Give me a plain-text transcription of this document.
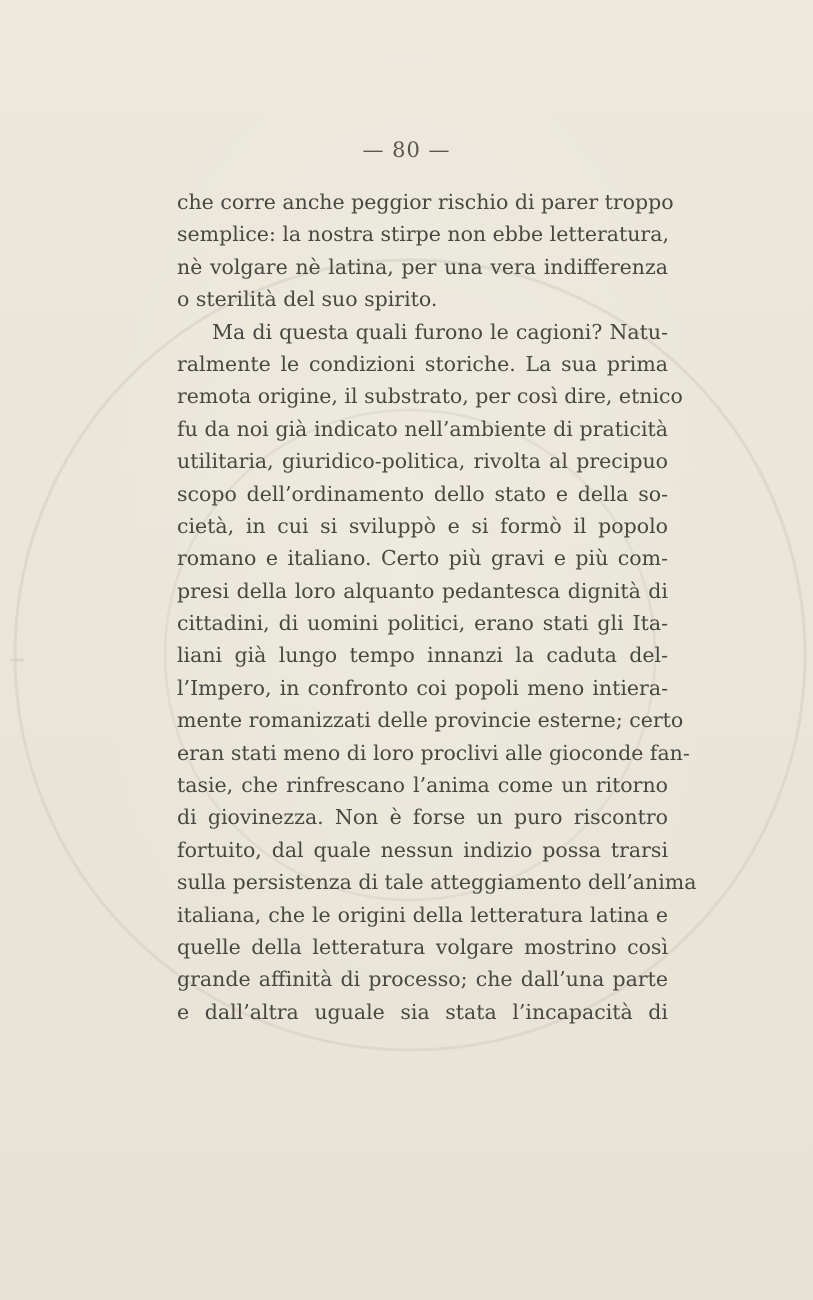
— 80 —
che corre anche peggior rischio di parer troppo
semplice: la nostra stirpe non ebbe letteratura,
nè volgare nè latina, per una vera indifferenza
o sterilità del suo spirito.
Ma di questa quali furono le cagioni? Natu-
ralmente le condizioni storiche. La sua prima
remota origine, il substrato, per così dire, etnico
fu da noi già indicato nell’ambiente di praticità
utilitaria, giuridico-politica, rivolta al precipuo
scopo dell’ordinamento dello stato e della so-
cietà, in cui si sviluppò e si formò il popolo
romano e italiano. Certo più gravi e più com-
presi della loro alquanto pedantesca dignità di
cittadini, di uomini politici, erano stati gli Ita-
liani già lungo tempo innanzi la caduta del-
l’Impero, in confronto coi popoli meno intiera-
mente romanizzati delle provincie esterne; certo
eran stati meno di loro proclivi alle gioconde fan-
tasie, che rinfrescano l’anima come un ritorno
di giovinezza. Non è forse un puro riscontro
fortuito, dal quale nessun indizio possa trarsi
sulla persistenza di tale atteggiamento dell’anima
italiana, che le origini della letteratura latina e
quelle della letteratura volgare mostrino così
grande affinità di processo; che dall’una parte
e dall’altra uguale sia stata l’incapacità di
